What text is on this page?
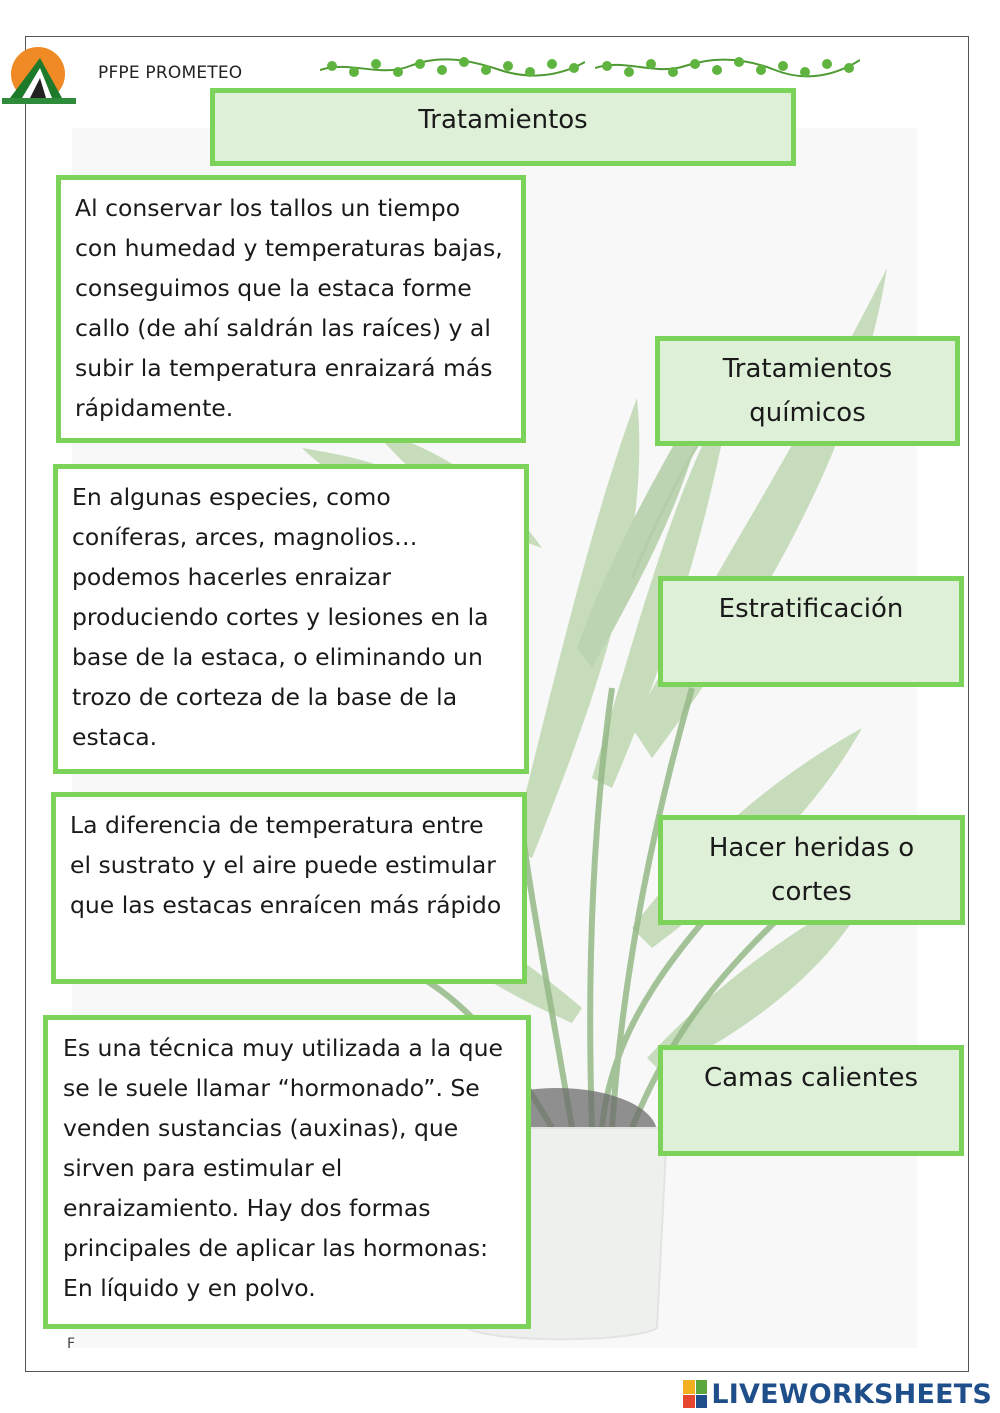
PFPE PROMETEO
Tratamientos
Al conservar los tallos un tiempo con humedad y temperaturas bajas, conseguimos que la estaca forme callo (de ahí saldrán las raíces) y al subir la temperatura enraizará más rápidamente.
En algunas especies, como coníferas, arces, magnolios… podemos hacerles enraizar produciendo cortes y lesiones en la base de la estaca, o eliminando un trozo de corteza de la base de la estaca.
La diferencia de temperatura entre el sustrato y el aire puede estimular que las estacas enraícen más rápido
Es una técnica muy utilizada a la que se le suele llamar “hormonado”. Se venden sustancias (auxinas), que sirven para estimular el enraizamiento. Hay dos formas principales de aplicar las hormonas: En líquido y en polvo.
Tratamientos químicos
Estratificación
Hacer heridas o cortes
Camas calientes
F
LIVEWORKSHEETS
